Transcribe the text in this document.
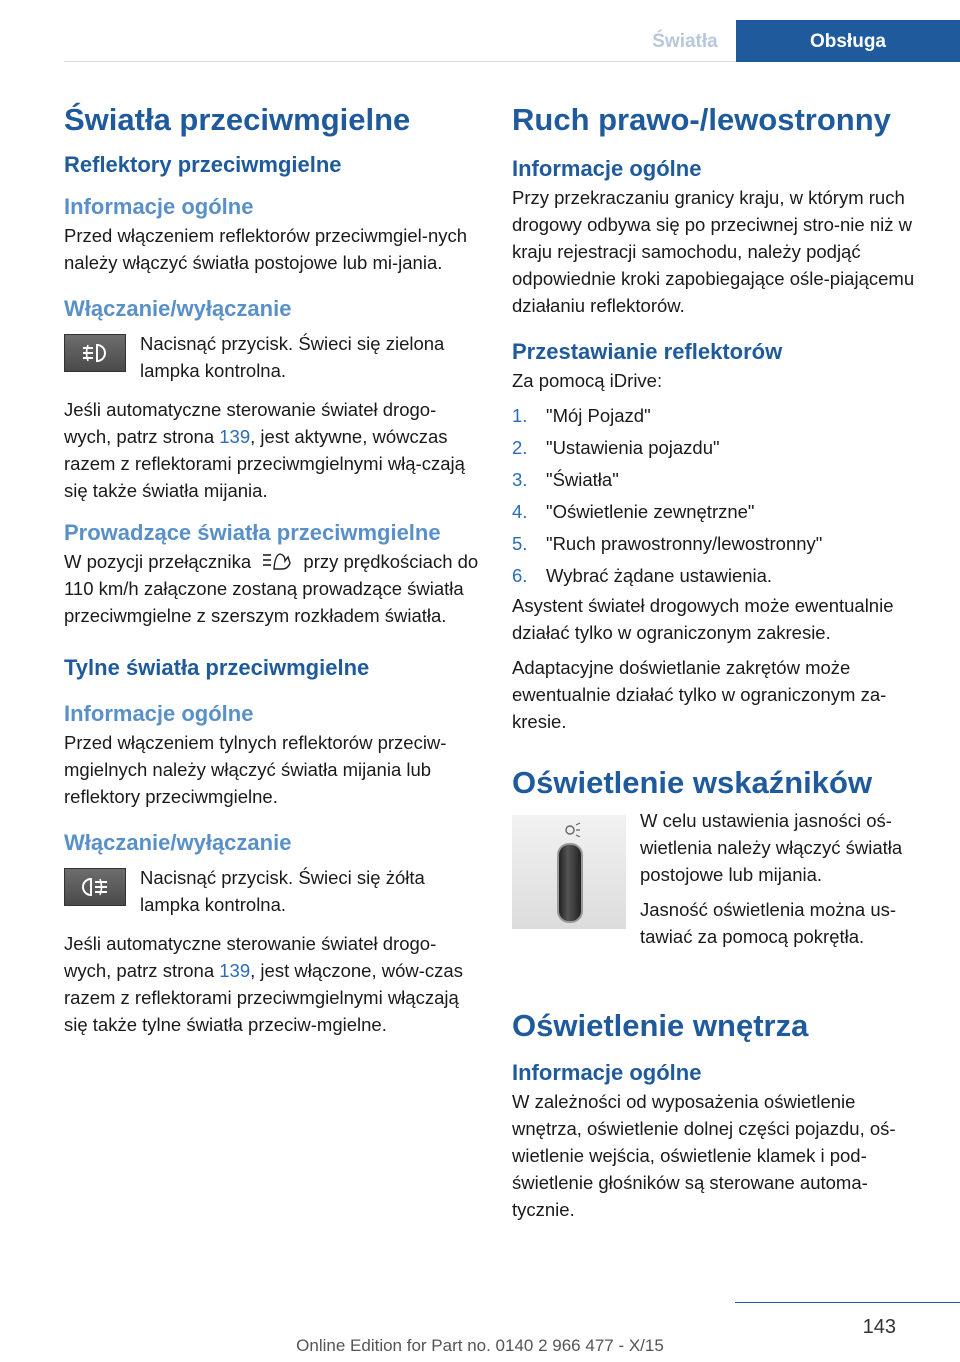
Światła	Obsługa
Światła przeciwmgielne
Reflektory przeciwmgielne
Informacje ogólne

Przed włączeniem reflektorów przeciwmgiel-nych należy włączyć światła postojowe lub mi-jania.

Włączanie/wyłączanie

Nacisnąć przycisk. Świeci się zielona lampka kontrolna.

Jeśli automatyczne sterowanie świateł drogo-wych, patrz strona 139, jest aktywne, wówczas razem z reflektorami przeciwmgielnymi włą-czają się także światła mijania.

Prowadzące światła przeciwmgielne

W pozycji przełącznika	przy prędkościach do 110 km/h załączone zostaną prowadzące światła przeciwmgielne z szerszym rozkładem światła.

Tylne światła przeciwmgielne
Informacje ogólne

Przed włączeniem tylnych reflektorów przeciw-mgielnych należy włączyć światła mijania lub reflektory przeciwmgielne.

Włączanie/wyłączanie

Nacisnąć przycisk. Świeci się żółta lampka kontrolna.

Jeśli automatyczne sterowanie świateł drogo-wych, patrz strona 139, jest włączone, wów-czas razem z reflektorami przeciwmgielnymi włączają się także tylne światła przeciw-mgielne.

Ruch prawo-/lewostronny
Informacje ogólne

Przy przekraczaniu granicy kraju, w którym ruch drogowy odbywa się po przeciwnej stro-nie niż w kraju rejestracji samochodu, należy podjąć odpowiednie kroki zapobiegające ośle-piającemu działaniu reflektorów.

Przestawianie reflektorów

Za pomocą iDrive:

1.	"Mój Pojazd"
2.	"Ustawienia pojazdu"
3.	"Światła"
4.	"Oświetlenie zewnętrzne"
5.	"Ruch prawostronny/lewostronny"
6.	Wybrać żądane ustawienia.

Asystent świateł drogowych może ewentualnie działać tylko w ograniczonym zakresie.

Adaptacyjne doświetlanie zakrętów może ewentualnie działać tylko w ograniczonym za-kresie.

Oświetlenie wskaźników

W celu ustawienia jasności oś-wietlenia należy włączyć światła postojowe lub mijania.

Jasność oświetlenia można us-tawiać za pomocą pokrętła.

Oświetlenie wnętrza
Informacje ogólne

W zależności od wyposażenia oświetlenie wnętrza, oświetlenie dolnej części pojazdu, oś-wietlenie wejścia, oświetlenie klamek i pod-świetlenie głośników są sterowane automa-tycznie.

143
Online Edition for Part no. 0140 2 966 477 - X/15
